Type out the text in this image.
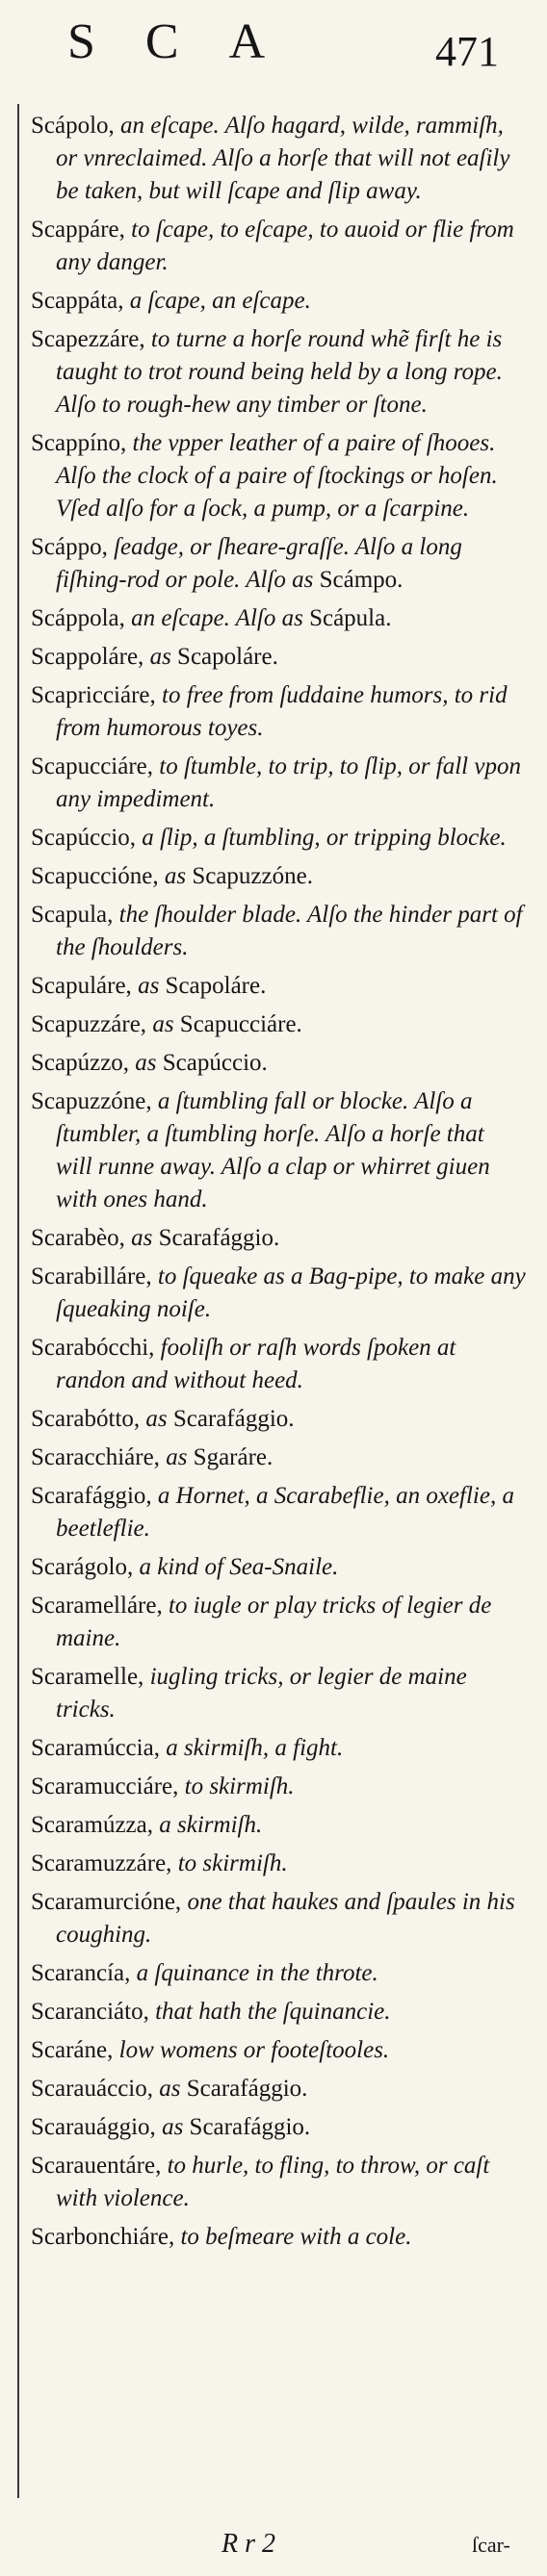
SCA	471
Scápolo, an eſcape. Alſo hagard, wilde, rammiſh, or vnreclaimed. Alſo a horſe that will not eaſily be taken, but will ſcape and ſlip away.
Scappáre, to ſcape, to eſcape, to auoid or flie from any danger.
Scappáta, a ſcape, an eſcape.
Scapezzáre, to turne a horſe round whẽ firſt he is taught to trot round being held by a long rope. Alſo to rough-hew any timber or ſtone.
Scappíno, the vpper leather of a paire of ſhooes. Alſo the clock of a paire of ſtockings or hoſen. Vſed alſo for a ſock, a pump, or a ſcarpine.
Scáppo, ſeadge, or ſheare-graſſe. Alſo a long fiſhing-rod or pole. Alſo as Scámpo.
Scáppola, an eſcape. Alſo as Scápula.
Scappoláre, as Scapoláre.
Scapricciáre, to free from ſuddaine humors, to rid from humorous toyes.
Scapucciáre, to ſtumble, to trip, to ſlip, or fall vpon any impediment.
Scapúccio, a ſlip, a ſtumbling, or tripping blocke.
Scapuccióne, as Scapuzzóne.
Scapula, the ſhoulder blade. Alſo the hinder part of the ſhoulders.
Scapuláre, as Scapoláre.
Scapuzzáre, as Scapucciáre.
Scapúzzo, as Scapúccio.
Scapuzzóne, a ſtumbling fall or blocke. Alſo a ſtumbler, a ſtumbling horſe. Alſo a horſe that will runne away. Alſo a clap or whirret giuen with ones hand.
Scarabèo, as Scarafággio.
Scarabilláre, to ſqueake as a Bag-pipe, to make any ſqueaking noiſe.
Scarabócchi, fooliſh or raſh words ſpoken at randon and without heed.
Scarabótto, as Scarafággio.
Scaracchiáre, as Sgaráre.
Scarafággio, a Hornet, a Scarabeflie, an oxeflie, a beetleflie.
Scarágolo, a kind of Sea-Snaile.
Scaramelláre, to iugle or play tricks of legier de maine.
Scaramelle, iugling tricks, or legier de maine tricks.
Scaramúccia, a skirmiſh, a fight.
Scaramucciáre, to skirmiſh.
Scaramúzza, a skirmiſh.
Scaramuzzáre, to skirmiſh.
Scaramurcióne, one that haukes and ſpaules in his coughing.
Scarancía, a ſquinance in the throte.
Scaranciáto, that hath the ſquinancie.
Scaráne, low womens or footeſtooles.
Scarauáccio, as Scarafággio.
Scarauággio, as Scarafággio.
Scarauentáre, to hurle, to fling, to throw, or caſt with violence.
Scarbonchiáre, to beſmeare with a cole.
R r 2	ſcar-
